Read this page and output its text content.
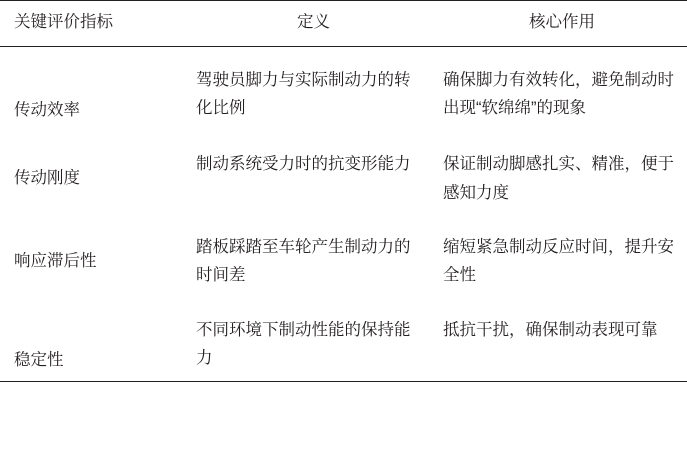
关键评价指标	定义	核心作用

传动效率	驾驶员脚力与实际制动力的转化比例	确保脚力有效转化，避免制动时出现“软绵绵”的现象

传动刚度	制动系统受力时的抗变形能力	保证制动脚感扎实、精准，便于感知力度

响应滞后性	踏板踩踏至车轮产生制动力的时间差	缩短紧急制动反应时间，提升安全性

稳定性	不同环境下制动性能的保持能力	抵抗干扰，确保制动表现可靠
